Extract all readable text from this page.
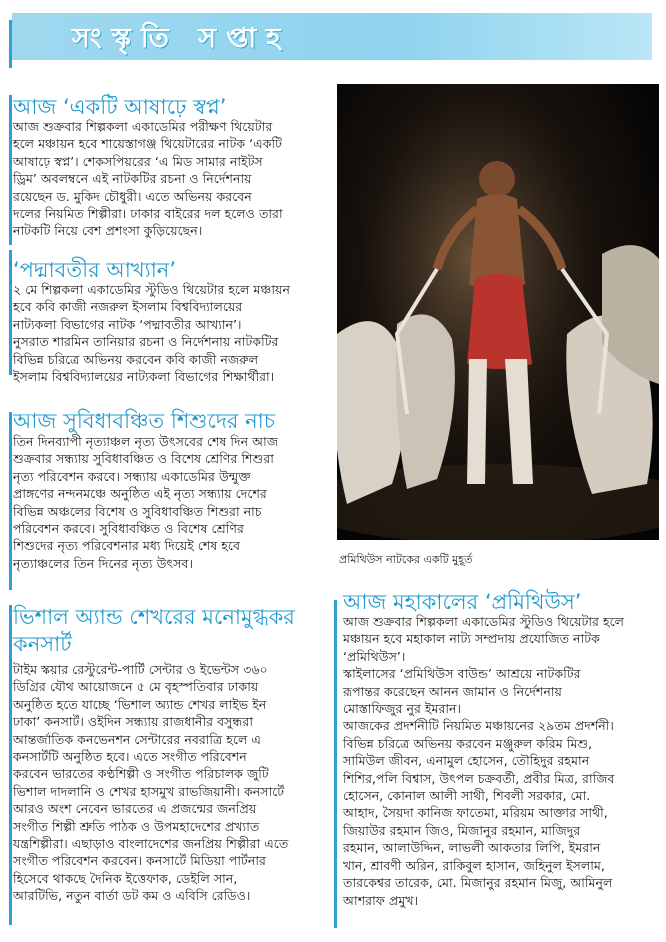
সংস্কৃতি সপ্তাহ
আজ ‘একটি আষাঢ়ে স্বপ্ন’
আজ শুক্রবার শিল্পকলা একাডেমির পরীক্ষণ থিয়েটার
হলে মঞ্চায়ন হবে শায়েস্তাগঞ্জ থিয়েটারের নাটক ‘একটি
আষাঢ়ে স্বপ্ন’। শেকসপিয়রের ‘এ মিড সামার নাইটস
ড্রিম’ অবলম্বনে এই নাটকটির রচনা ও নির্দেশনায়
রয়েছেন ড. মুকিদ চৌধুরী। এতে অভিনয় করবেন
দলের নিয়মিত শিল্পীরা। ঢাকার বাইরের দল হলেও তারা
নাটকটি নিয়ে বেশ প্রশংসা কুড়িয়েছেন।
‘পদ্মাবতীর আখ্যান’
২ মে শিল্পকলা একাডেমির স্টুডিও থিয়েটার হলে মঞ্চায়ন
হবে কবি কাজী নজরুল ইসলাম বিশ্ববিদ্যালয়ের
নাট্যকলা বিভাগের নাটক ‘পদ্মাবতীর আখ্যান’।
নুসরাত শারমিন তানিয়ার রচনা ও নির্দেশনায় নাটকটির
বিভিন্ন চরিত্রে অভিনয় করবেন কবি কাজী নজরুল
ইসলাম বিশ্ববিদ্যালয়ের নাট্যকলা বিভাগের শিক্ষার্থীরা।
আজ সুবিধাবঞ্চিত শিশুদের নাচ
তিন দিনব্যাপী নৃত্যাঞ্চল নৃত্য উৎসবের শেষ দিন আজ
শুক্রবার সন্ধ্যায় সুবিধাবঞ্চিত ও বিশেষ শ্রেণির শিশুরা
নৃত্য পরিবেশন করবে। সন্ধ্যায় একাডেমির উন্মুক্ত
প্রাঙ্গণের নন্দনমঞ্চে অনুষ্ঠিত এই নৃত্য সন্ধ্যায় দেশের
বিভিন্ন অঞ্চলের বিশেষ ও সুবিধাবঞ্চিত শিশুরা নাচ
পরিবেশন করবে। সুবিধাবঞ্চিত ও বিশেষ শ্রেণির
শিশুদের নৃত্য পরিবেশনার মধ্য দিয়েই শেষ হবে
নৃত্যাঞ্চলের তিন দিনের নৃত্য উৎসব।
ভিশাল অ্যান্ড শেখরের মনোমুগ্ধকর
কনসার্ট
টাইম স্কয়ার রেস্টুরেন্ট-পার্টি সেন্টার ও ইভেন্টস ৩৬০
ডিগ্রির যৌথ আয়োজনে ৫ মে বৃহস্পতিবার ঢাকায়
অনুষ্ঠিত হতে যাচ্ছে ‘ভিশাল অ্যান্ড শেখর লাইভ ইন
ঢাকা’ কনসার্ট। ওইদিন সন্ধ্যায় রাজধানীর বসুন্ধরা
আন্তর্জাতিক কনভেনশন সেন্টারের নবরাত্রি হলে এ
কনসার্টটি অনুষ্ঠিত হবে। এতে সংগীত পরিবেশন
করবেন ভারতের কণ্ঠশিল্পী ও সংগীত পরিচালক জুটি
ভিশাল দাদলানি ও শেখর হাসমুখ রাভজিয়ানী। কনসার্টে
আরও অংশ নেবেন ভারতের এ প্রজন্মের জনপ্রিয়
সংগীত শিল্পী শ্রুতি পাঠক ও উপমহাদেশের প্রখ্যাত
যন্ত্রশিল্পীরা। এছাড়াও বাংলাদেশের জনপ্রিয় শিল্পীরা এতে
সংগীত পরিবেশন করবেন। কনসার্টে মিডিয়া পার্টনার
হিসেবে থাকছে দৈনিক ইত্তেফাক, ডেইলি সান,
আরটিভি, নতুন বার্তা ডট কম ও এবিসি রেডিও।
প্রমিথিউস নাটকের একটি মুহূর্ত
আজ মহাকালের ‘প্রমিথিউস’
আজ শুক্রবার শিল্পকলা একাডেমির স্টুডিও থিয়েটার হলে
মঞ্চায়ন হবে মহাকাল নাট্য সম্প্রদায় প্রযোজিত নাটক
‘প্রমিথিউস’।
স্কাইলাসের ‘প্রমিথিউস বাউন্ড’ আশ্রয়ে নাটকটির
রূপান্তর করেছেন আনন জামান ও নির্দেশনায়
মোস্তাফিজুর নুর ইমরান।
আজকের প্রদর্শনীটি নিয়মিত মঞ্চায়নের ২৯তম প্রদর্শনী।
বিভিন্ন চরিত্রে অভিনয় করবেন মঞ্জুরুল করিম মিশু,
সামিউল জীবন, এনামুল হোসেন, তৌহিদুর রহমান
শিশির,পলি বিশ্বাস, উৎপল চক্রবর্তী, প্রবীর মিত্র, রাজিব
হোসেন, কোনাল আলী সাথী, শিবলী সরকার, মো.
আহাদ, সৈয়দা কানিজ ফাতেমা, মরিয়ম আক্তার সাথী,
জিয়াউর রহমান জিও, মিজানুর রহমান, মাজিদুর
রহমান, আলাউদ্দিন, লাভলী আকতার লিপি, ইমরান
খান, শ্রাবণী অরিন, রাকিবুল হাসান, জহিনুল ইসলাম,
তারকেশ্বর তারেক, মো. মিজানুর রহমান মিজু, আমিনুল
আশরাফ প্রমুখ।
